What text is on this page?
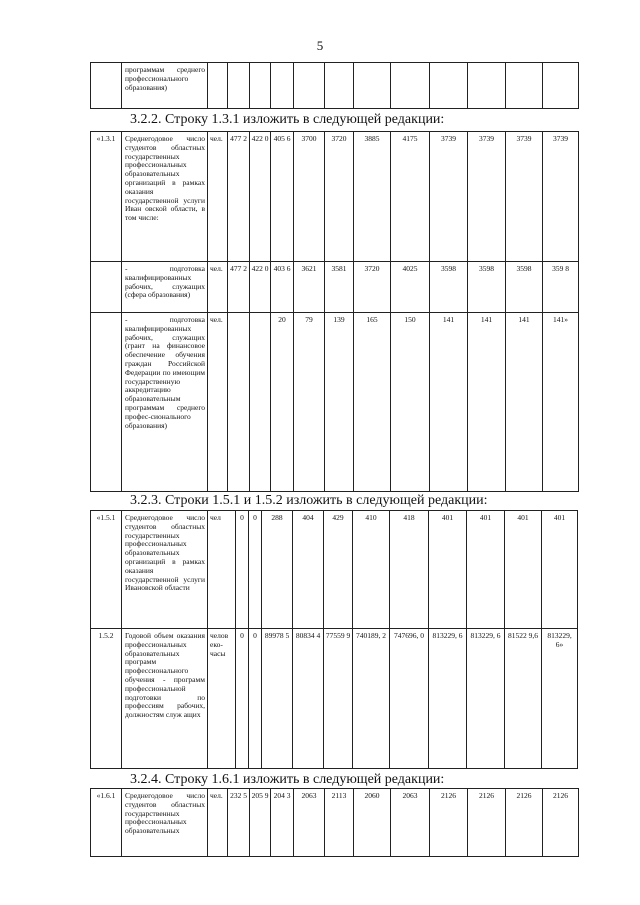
5
	программам среднего профессионального образования)												
3.2.2. Строку 1.3.1 изложить в следующей редакции:
«1.3.1	Среднегодовое число студентов областных государственных профессиональных образовательных организаций в рамках оказания государственной услуги Иван овской области, в том числе:	чел.	477 2	422 0	405 6	3700	3720	3885	4175	3739	3739	3739	3739
	- подготовка квалифицированных рабочих, служащих (сфера образования)	чел.	477 2	422 0	403 6	3621	3581	3720	4025	3598	3598	3598	359 8
	- подготовка квалифицированных рабочих, служащих (грант на финансовое обеспечение обучения граждан Российской Федерации по имеющим государственную аккредитацию образовательным программам среднего профес-сионального образования)	чел.			20	79	139	165	150	141	141	141	141»
3.2.3. Строки 1.5.1 и 1.5.2 изложить в следующей редакции:
«1.5.1	Среднегодовое число студентов областных государственных профессиональных образовательных организаций в рамках оказания государственной услуги Ивановской области	чел	0	0	288	404	429	410	418	401	401	401	401
1.5.2	Годовой объем оказания профессиональных образовательных программ профессионального обучения - программ профессиональной подготовки по профессиям рабочих, должностям служ ащих	челов еко-часы	0	0	89978 5	80834 4	77559 9	740189, 2	747696, 0	813229, 6	813229, 6	81522 9,6	813229, 6»
3.2.4. Строку 1.6.1 изложить в следующей редакции:
«1.6.1	Среднегодовое число студентов областных государственных профессиональных образовательных	чел.	232 5	205 9	204 3	2063	2113	2060	2063	2126	2126	2126	2126
